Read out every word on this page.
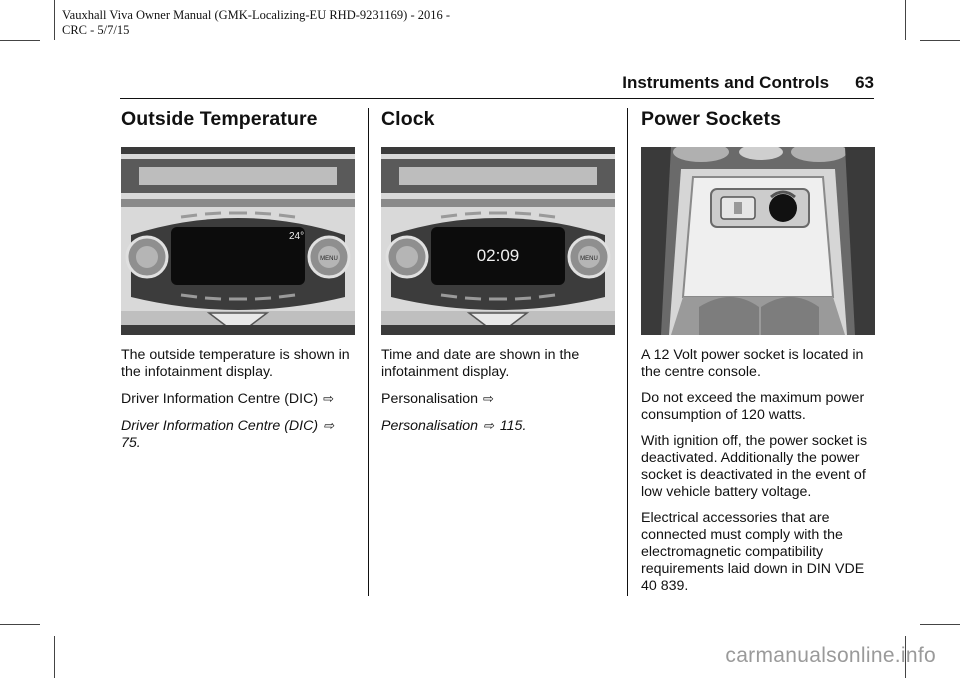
Vauxhall Viva Owner Manual (GMK-Localizing-EU RHD-9231169) - 2016 -
CRC - 5/7/15
Instruments and Controls 63
Outside Temperature
MENU
24°

The outside temperature is shown in the infotainment display.

Driver Information Centre (DIC) ⇨

Driver Information Centre (DIC) ⇨ 75.

Clock
MENU
02:09

Time and date are shown in the infotainment display.

Personalisation ⇨

Personalisation ⇨ 115.

Power Sockets

A 12 Volt power socket is located in the centre console.

Do not exceed the maximum power consumption of 120 watts.

With ignition off, the power socket is deactivated. Additionally the power socket is deactivated in the event of low vehicle battery voltage.

Electrical accessories that are connected must comply with the electromagnetic compatibility requirements laid down in DIN VDE 40 839.

carmanualsonline.info
